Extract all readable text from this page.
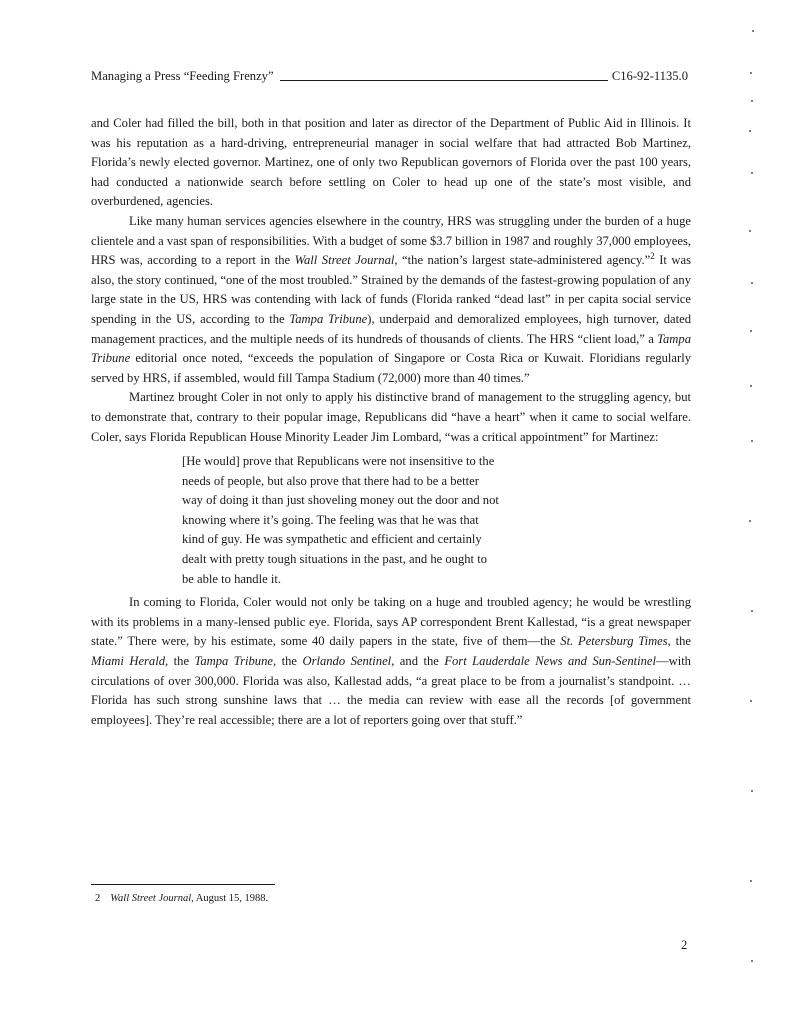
Managing a Press “Feeding Frenzy”	C16-92-1135.0

and Coler had filled the bill, both in that position and later as director of the Department of Public Aid in Illinois. It was his reputation as a hard-driving, entrepreneurial manager in social welfare that had attracted Bob Martinez, Florida’s newly elected governor. Martinez, one of only two Republican governors of Florida over the past 100 years, had conducted a nationwide search before settling on Coler to head up one of the state’s most visible, and overburdened, agencies.

Like many human services agencies elsewhere in the country, HRS was struggling under the burden of a huge clientele and a vast span of responsibilities. With a budget of some $3.7 billion in 1987 and roughly 37,000 employees, HRS was, according to a report in the Wall Street Journal, “the nation’s largest state-administered agency.”$^2$ It was also, the story continued, “one of the most troubled.” Strained by the demands of the fastest-growing population of any large state in the US, HRS was contending with lack of funds (Florida ranked “dead last” in per capita social service spending in the US, according to the Tampa Tribune), underpaid and demoralized employees, high turnover, dated management practices, and the multiple needs of its hundreds of thousands of clients. The HRS “client load,” a Tampa Tribune editorial once noted, “exceeds the population of Singapore or Costa Rica or Kuwait. Floridians regularly served by HRS, if assembled, would fill Tampa Stadium (72,000) more than 40 times.”

Martinez brought Coler in not only to apply his distinctive brand of management to the struggling agency, but to demonstrate that, contrary to their popular image, Republicans did “have a heart” when it came to social welfare. Coler, says Florida Republican House Minority Leader Jim Lombard, “was a critical appointment” for Martinez:

[He would] prove that Republicans were not insensitive to the
needs of people, but also prove that there had to be a better
way of doing it than just shoveling money out the door and not
knowing where it’s going. The feeling was that he was that
kind of guy. He was sympathetic and efficient and certainly
dealt with pretty tough situations in the past, and he ought to
be able to handle it.

In coming to Florida, Coler would not only be taking on a huge and troubled agency; he would be wrestling with its problems in a many-lensed public eye. Florida, says AP correspondent Brent Kallestad, “is a great newspaper state.” There were, by his estimate, some 40 daily papers in the state, five of them—the St. Petersburg Times, the Miami Herald, the Tampa Tribune, the Orlando Sentinel, and the Fort Lauderdale News and Sun-Sentinel—with circulations of over 300,000. Florida was also, Kallestad adds, “a great place to be from a journalist’s standpoint. … Florida has such strong sunshine laws that … the media can review with ease all the records [of government employees]. They’re real accessible; there are a lot of reporters going over that stuff.”

2 Wall Street Journal, August 15, 1988.
2
